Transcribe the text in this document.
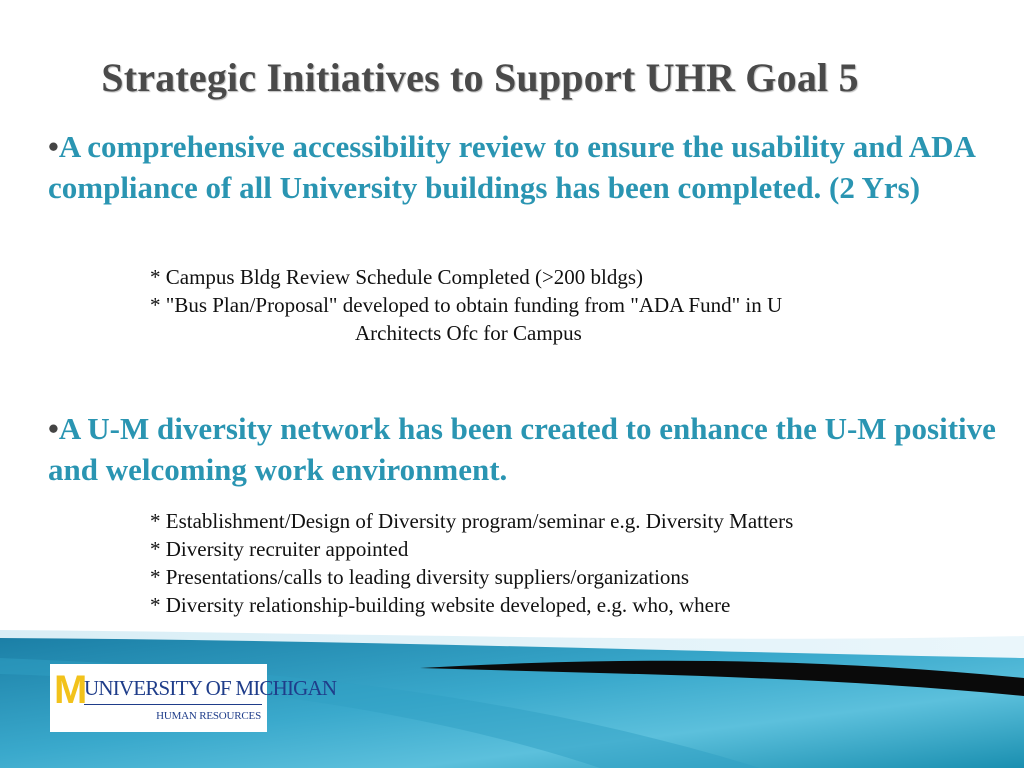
Strategic Initiatives to Support UHR Goal 5
•A comprehensive accessibility review to ensure the usability and ADA compliance of all University buildings has been completed. (2 Yrs)
* Campus Bldg Review Schedule Completed (>200 bldgs)
* "Bus Plan/Proposal" developed to obtain funding from "ADA Fund" in U
Architects Ofc for Campus
•A U-M diversity network has been created to enhance the U-M positive and welcoming work environment.
* Establishment/Design of Diversity program/seminar e.g. Diversity Matters
* Diversity recruiter appointed
* Presentations/calls to leading diversity suppliers/organizations
* Diversity relationship-building website developed, e.g. who, where
M UNIVERSITY OF MICHIGAN
HUMAN RESOURCES
